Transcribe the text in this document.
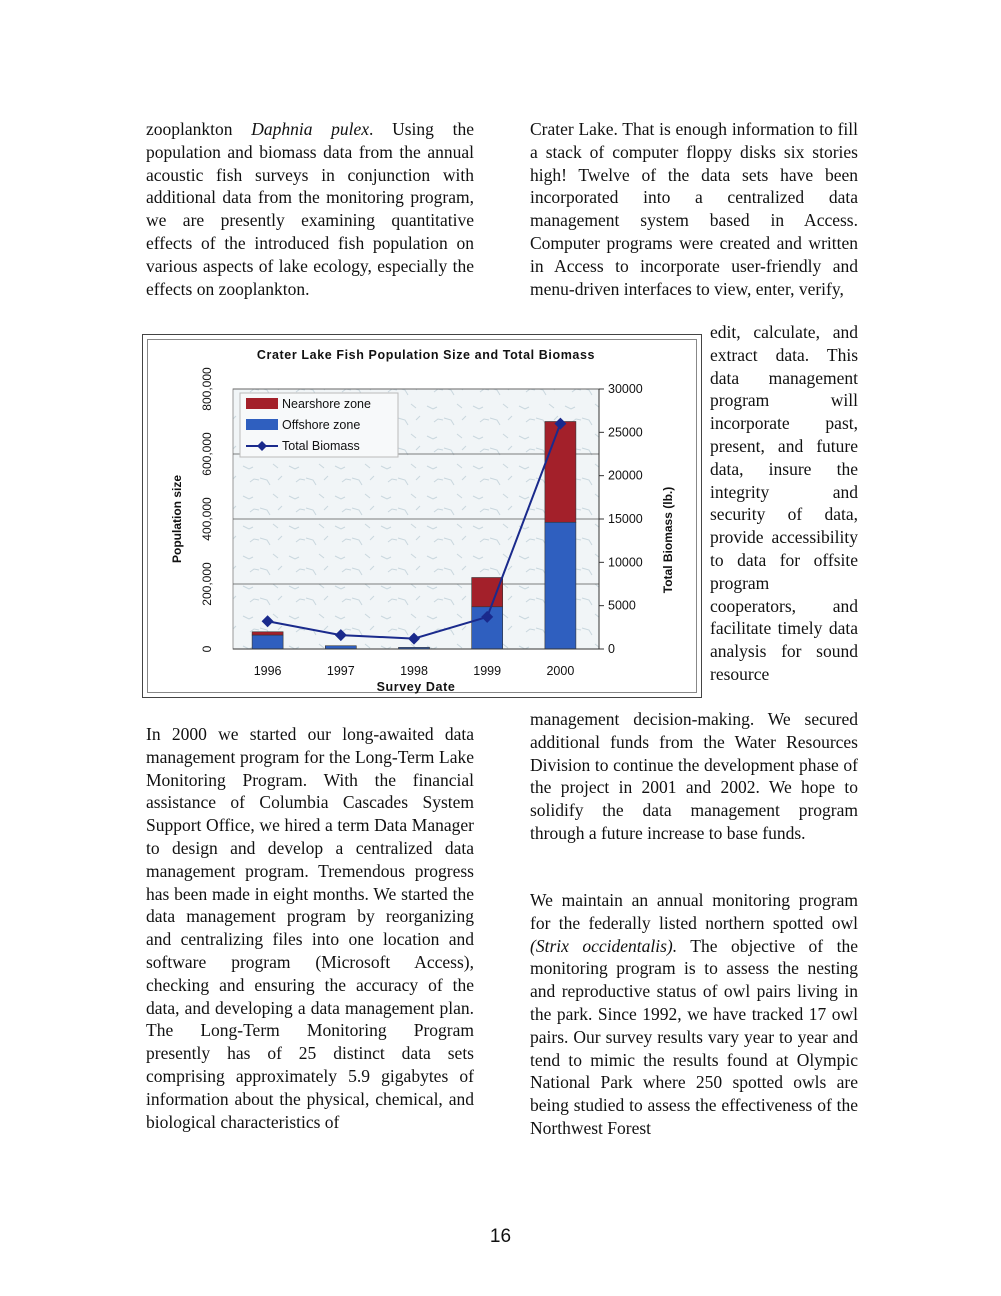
zooplankton Daphnia pulex. Using the population and biomass data from the annual acoustic fish surveys in conjunction with additional data from the monitoring program, we are presently examining quantitative effects of the introduced fish population on various aspects of lake ecology, especially the effects on zooplankton.

Crater Lake. That is enough information to fill a stack of computer floppy disks six stories high! Twelve of the data sets have been incorporated into a centralized data management system based in Access. Computer programs were created and written in Access to incorporate user-friendly and menu-driven interfaces to view, enter, verify,

edit, calculate, and extract data. This data management program will incorporate past, present, and future data, insure the integrity and security of data, provide accessibility to data for offsite program cooperators, and facilitate timely data analysis for sound resource

management decision-making. We secured additional funds from the Water Resources Division to continue the development phase of the project in 2001 and 2002. We hope to solidify the data management program through a future increase to base funds.

0
200,000
400,000
600,000
800,000
0
5000
10000
15000
20000
25000
30000
1996	1997	1998	1999	2000
Crater Lake Fish Population Size and Total Biomass
Survey Date
Population size	Total Biomass (lb.)
Nearshore zone
Offshore zone
Total Biomass

In 2000 we started our long-awaited data management program for the Long-Term Lake Monitoring Program. With the financial assistance of Columbia Cascades System Support Office, we hired a term Data Manager to design and develop a centralized data management program. Tremendous progress has been made in eight months. We started the data management program by reorganizing and centralizing files into one location and software program (Microsoft Access), checking and ensuring the accuracy of the data, and developing a data management plan. The Long-Term Monitoring Program presently has of 25 distinct data sets comprising approximately 5.9 gigabytes of information about the physical, chemical, and biological characteristics of

We maintain an annual monitoring program for the federally listed northern spotted owl (Strix occidentalis). The objective of the monitoring program is to assess the nesting and reproductive status of owl pairs living in the park. Since 1992, we have tracked 17 owl pairs. Our survey results vary year to year and tend to mimic the results found at Olympic National Park where 250 spotted owls are being studied to assess the effectiveness of the Northwest Forest

16
